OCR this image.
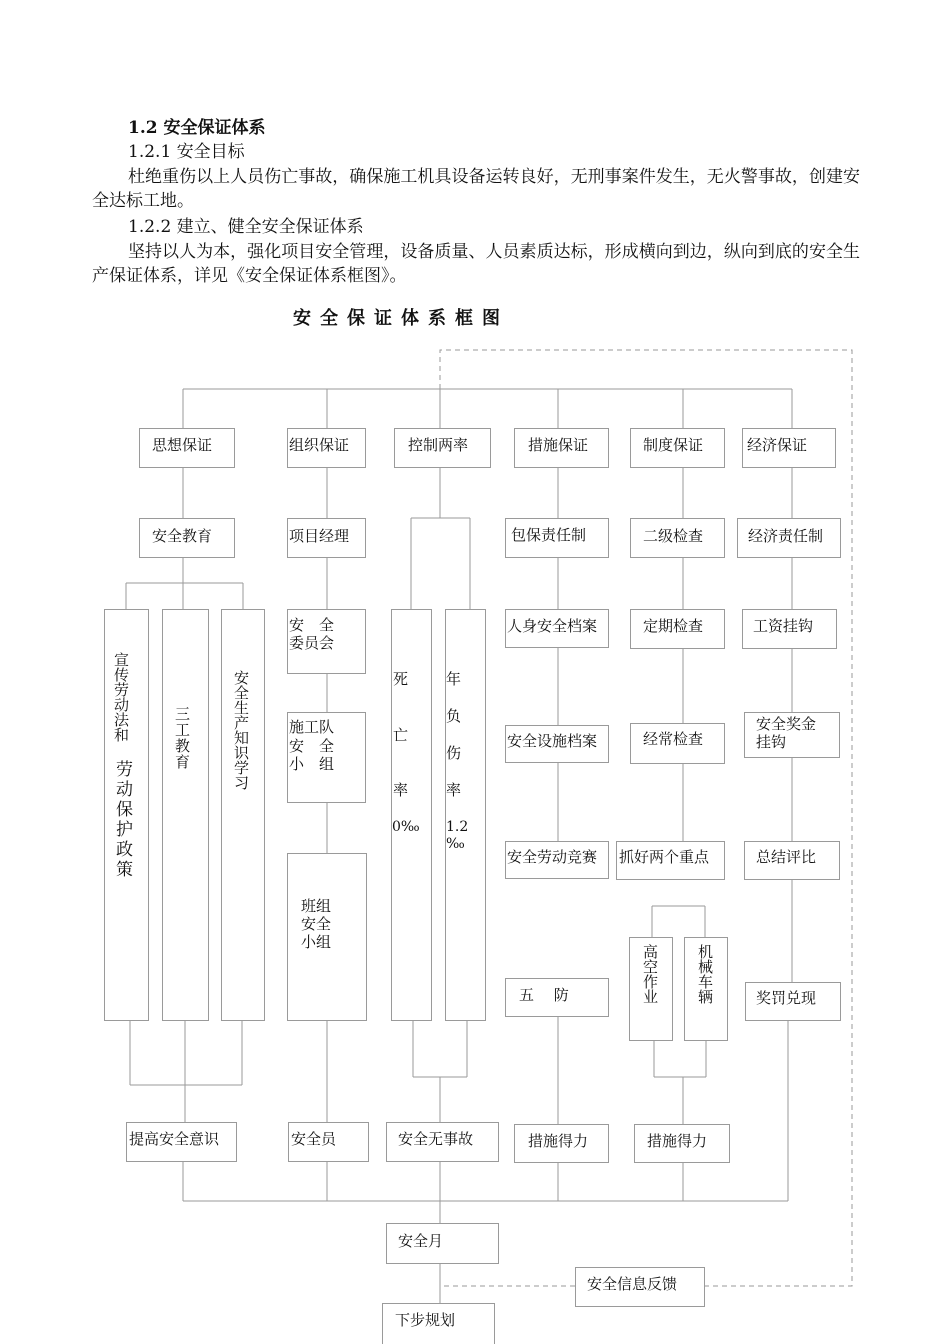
1.2 安全保证体系
1.2.1 安全目标
杜绝重伤以上人员伤亡事故，确保施工机具设备运转良好，无刑事案件发生，无火警事故，创建安全达标工地。
1.2.2 建立、健全安全保证体系
坚持以人为本，强化项目安全管理，设备质量、人员素质达标，形成横向到边，纵向到底的安全生产保证体系，详见《安全保证体系框图》。
安全保证体系框图
思想保证	组织保证	控制两率	措施保证	制度保证	经济保证
安全教育
宣传劳动法和
劳动保护政策
三工教育	安全生产知识学习
提高安全意识
项目经理
安　全
委员会
施工队
安　全
小　组
班组
安全
小组
安全员
死
亡
率
0‰
年
负
伤
率
1.2
‰
安全无事故
包保责任制
人身安全档案
安全设施档案
安全劳动竞赛
五　 防
措施得力
二级检查
定期检查
经常检查
抓好两个重点
高空作业 机械车辆
措施得力
经济责任制
工资挂钩
安全奖金
挂钩
总结评比
奖罚兑现
安全月
安全信息反馈
下步规划
